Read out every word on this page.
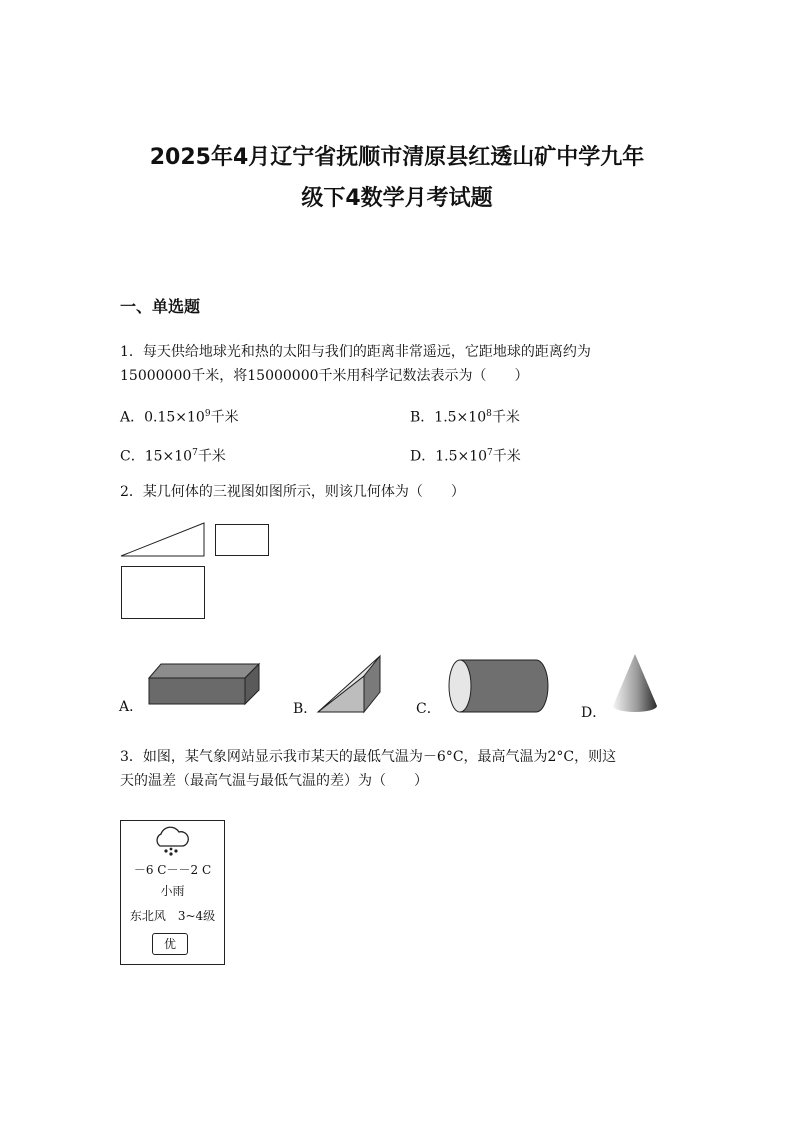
2025年4月辽宁省抚顺市清原县红透山矿中学九年
级下4数学月考试题
一、单选题
1．每天供给地球光和热的太阳与我们的距离非常遥远，它距地球的距离约为
15000000千米，将15000000千米用科学记数法表示为（　　）
A．$0.15\times 10^9$千米	B．$1.5\times 10^8$千米
C．$15\times 10^7$千米	D．$1.5\times 10^7$千米
2．某几何体的三视图如图所示，则该几何体为（　　）
A．	B．	C．	D．
3．如图，某气象网站显示我市某天的最低气温为－6°C，最高气温为2°C，则这
天的温差（最高气温与最低气温的差）为（　　）
－6 C－－2 C
小雨
东北风　3~4级
优
